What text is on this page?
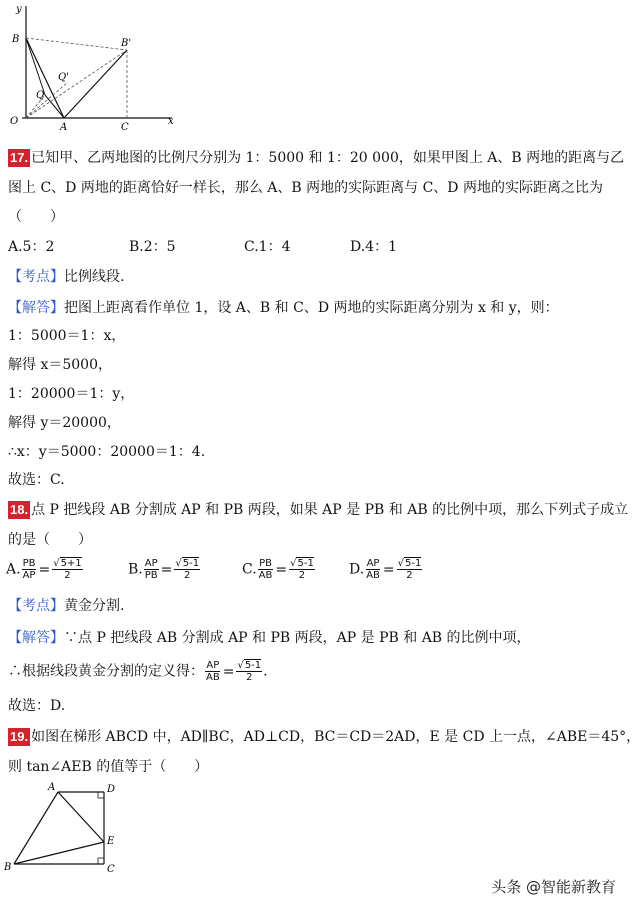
y
B	B'
Q'
Q
O
A	C
x
17. 已知甲、乙两地图的比例尺分别为 1：5000 和 1：20 000，如果甲图上 A、B 两地的距离与乙
图上 C、D 两地的距离恰好一样长，那么 A、B 两地的实际距离与 C、D 两地的实际距离之比为
（　　）
A.5：2	B.2：5	C.1：4	D.4：1
【考点】比例线段.
【解答】把图上距离看作单位 1，设 A、B 和 C、D 两地的实际距离分别为 x 和 y，则：
1：5000＝1：x，
解得 x＝5000，
1：20000＝1：y，
解得 y＝20000，
∴x：y＝5000：20000＝1：4.
故选：C.
18. 点 P 把线段 AB 分割成 AP 和 PB 两段，如果 AP 是 PB 和 AB 的比例中项，那么下列式子成立
的是（　　）
A. $\frac{PB}{AP} = \frac{√5+1}{2}$	B. $\frac{AP}{PB} = \frac{√5-1}{2}$	C. $\frac{PB}{AB} = \frac{√5-1}{2} D$. $\frac{AP}{AB} = \frac{√5-1}{2}$
【考点】黄金分割.
【解答】∵点 P 把线段 AB 分割成 AP 和 PB 两段，AP 是 PB 和 AB 的比例中项，
∴根据线段黄金分割的定义得： $\frac{AP}{AB} = \frac{√5-1}{2}$ .
故选：D.
19. 如图在梯形 ABCD 中，AD∥BC，AD⊥CD，BC＝CD＝2AD，E 是 CD 上一点，∠ABE＝45°，
则 tan∠AEB 的值等于（　　）
A	D
E
B	C
头条 @智能新教育
